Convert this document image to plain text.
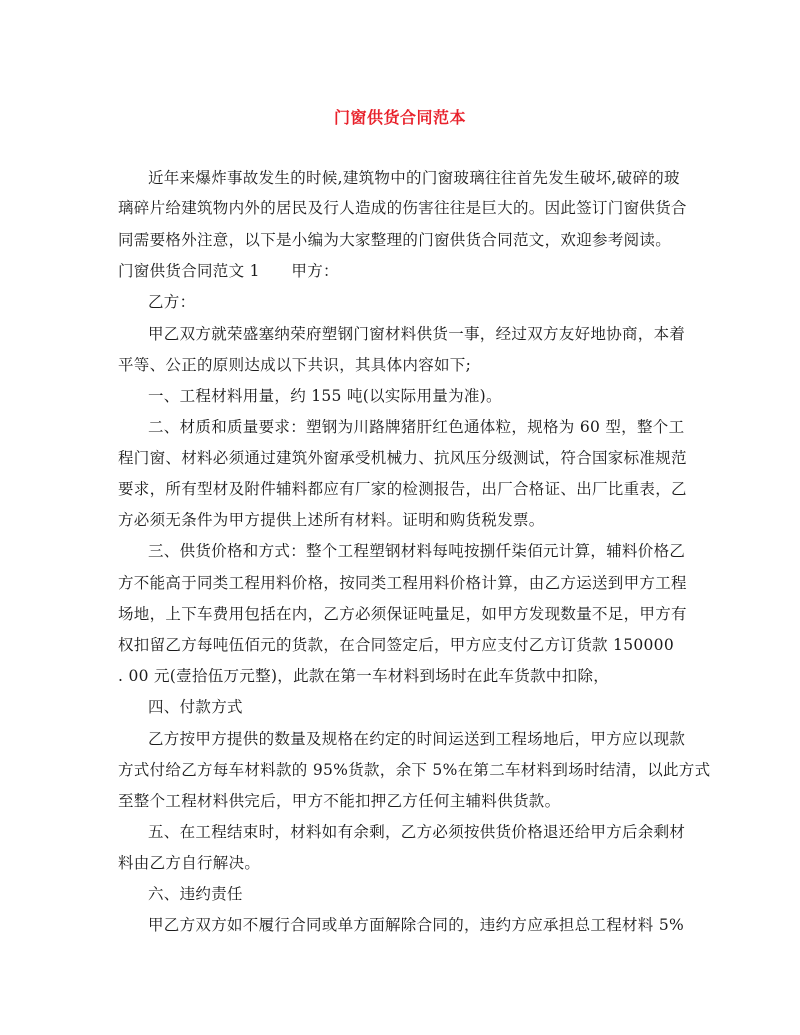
门窗供货合同范本
近年来爆炸事故发生的时候,建筑物中的门窗玻璃往往首先发生破坏,破碎的玻
璃碎片给建筑物内外的居民及行人造成的伤害往往是巨大的。因此签订门窗供货合
同需要格外注意，以下是小编为大家整理的门窗供货合同范文，欢迎参考阅读。
门窗供货合同范文 1　　甲方：
乙方：
甲乙双方就荣盛塞纳荣府塑钢门窗材料供货一事，经过双方友好地协商，本着
平等、公正的原则达成以下共识，其具体内容如下;
一、工程材料用量，约 155 吨(以实际用量为准)。
二、材质和质量要求：塑钢为川路牌猪肝红色通体粒，规格为 60 型，整个工
程门窗、材料必须通过建筑外窗承受机械力、抗风压分级测试，符合国家标准规范
要求，所有型材及附件辅料都应有厂家的检测报告，出厂合格证、出厂比重表，乙
方必须无条件为甲方提供上述所有材料。证明和购货税发票。
三、供货价格和方式：整个工程塑钢材料每吨按捌仟柒佰元计算，辅料价格乙
方不能高于同类工程用料价格，按同类工程用料价格计算，由乙方运送到甲方工程
场地，上下车费用包括在内，乙方必须保证吨量足，如甲方发现数量不足，甲方有
权扣留乙方每吨伍佰元的货款，在合同签定后，甲方应支付乙方订货款 150000
. 00 元(壹拾伍万元整)，此款在第一车材料到场时在此车货款中扣除，
四、付款方式
乙方按甲方提供的数量及规格在约定的时间运送到工程场地后，甲方应以现款
方式付给乙方每车材料款的 95%货款，余下 5%在第二车材料到场时结清，以此方式
至整个工程材料供完后，甲方不能扣押乙方任何主辅料供货款。
五、在工程结束时，材料如有余剩，乙方必须按供货价格退还给甲方后余剩材
料由乙方自行解决。
六、违约责任
甲乙方双方如不履行合同或单方面解除合同的，违约方应承担总工程材料 5%
